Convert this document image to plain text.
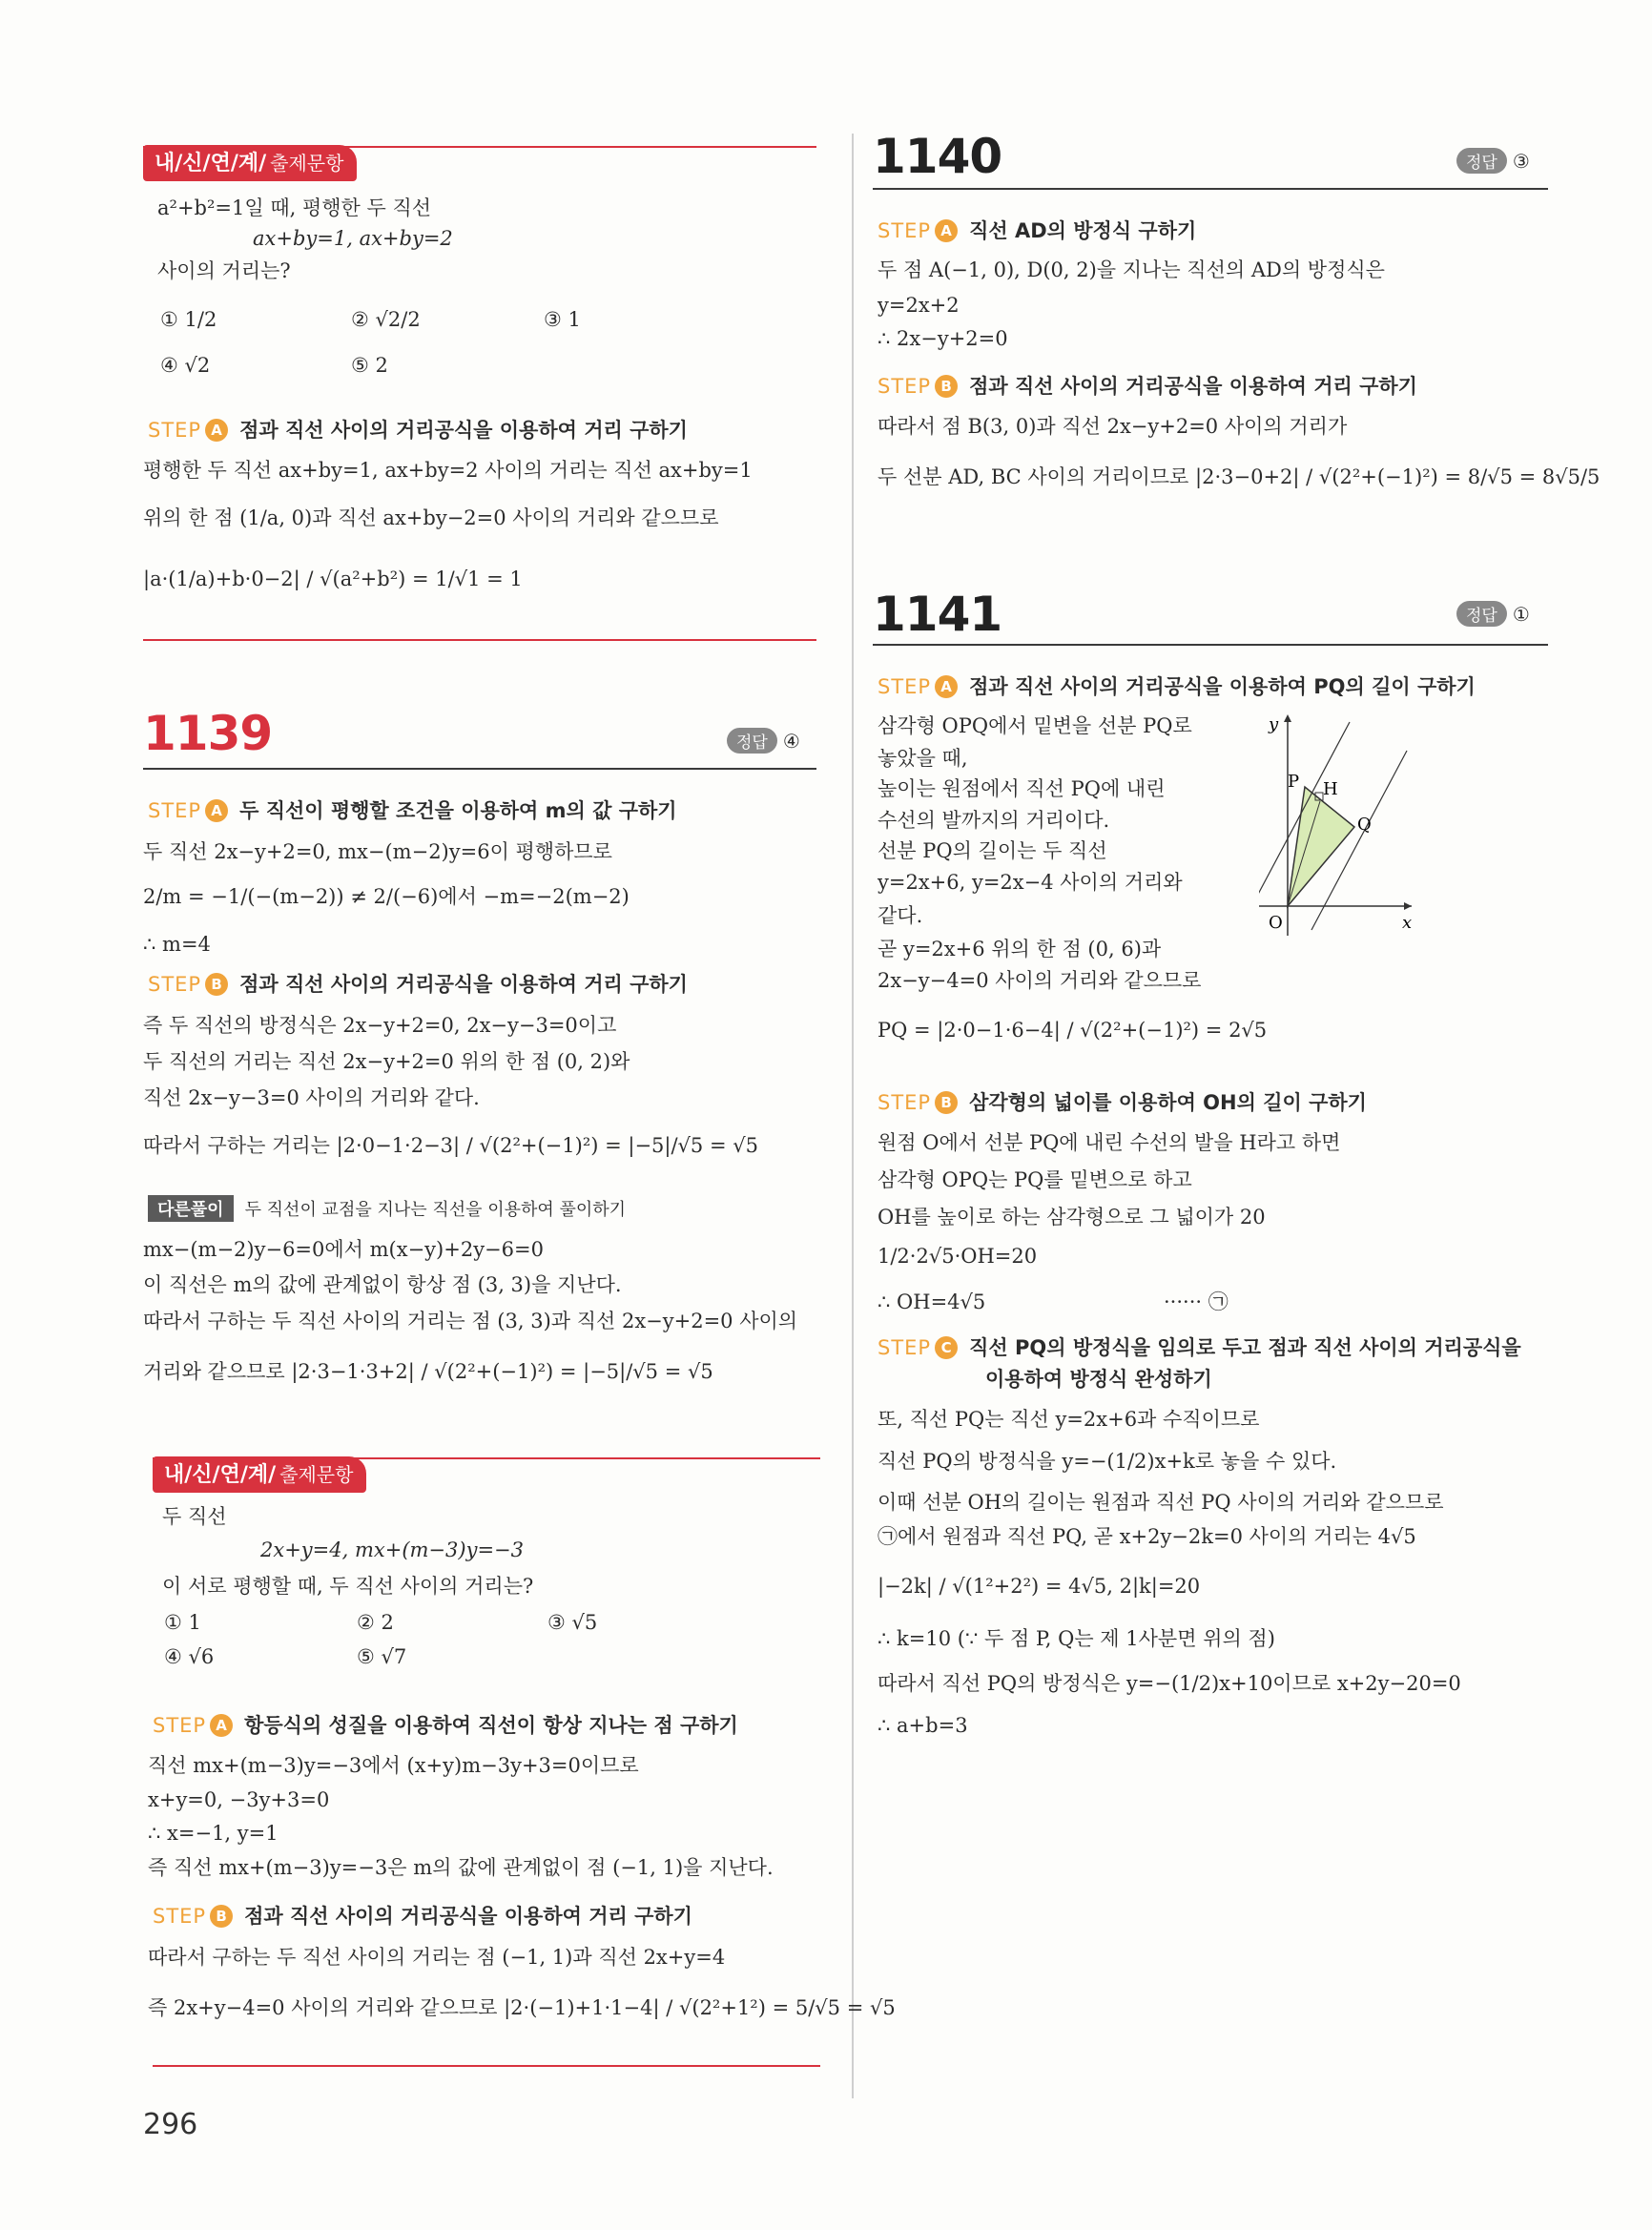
내/신/연/계/ 출제문항
a²+b²=1일 때, 평행한 두 직선
ax+by=1, ax+by=2
사이의 거리는?
① 1/2	② √2/2	③ 1
④ √2	⑤ 2
STEP A 점과 직선 사이의 거리공식을 이용하여 거리 구하기
평행한 두 직선 ax+by=1, ax+by=2 사이의 거리는 직선 ax+by=1
위의 한 점 (1/a, 0)과 직선 ax+by−2=0 사이의 거리와 같으므로
|a·(1/a)+b·0−2| / √(a²+b²) = 1/√1 = 1
1139	정답 ④
STEP A 두 직선이 평행할 조건을 이용하여 m의 값 구하기
두 직선 2x−y+2=0, mx−(m−2)y=6이 평행하므로
2/m = −1/(−(m−2)) ≠ 2/(−6)에서 −m=−2(m−2)
∴ m=4
STEP B 점과 직선 사이의 거리공식을 이용하여 거리 구하기
즉 두 직선의 방정식은 2x−y+2=0, 2x−y−3=0이고
두 직선의 거리는 직선 2x−y+2=0 위의 한 점 (0, 2)와
직선 2x−y−3=0 사이의 거리와 같다.
따라서 구하는 거리는 |2·0−1·2−3| / √(2²+(−1)²) = |−5|/√5 = √5
다른풀이 두 직선이 교점을 지나는 직선을 이용하여 풀이하기
mx−(m−2)y−6=0에서 m(x−y)+2y−6=0
이 직선은 m의 값에 관계없이 항상 점 (3, 3)을 지난다.
따라서 구하는 두 직선 사이의 거리는 점 (3, 3)과 직선 2x−y+2=0 사이의
거리와 같으므로 |2·3−1·3+2| / √(2²+(−1)²) = |−5|/√5 = √5
내/신/연/계/ 출제문항
두 직선
2x+y=4, mx+(m−3)y=−3
이 서로 평행할 때, 두 직선 사이의 거리는?
① 1	② 2	③ √5
④ √6	⑤ √7
STEP A 항등식의 성질을 이용하여 직선이 항상 지나는 점 구하기
직선 mx+(m−3)y=−3에서 (x+y)m−3y+3=0이므로
x+y=0, −3y+3=0
∴ x=−1, y=1
즉 직선 mx+(m−3)y=−3은 m의 값에 관계없이 점 (−1, 1)을 지난다.
STEP B 점과 직선 사이의 거리공식을 이용하여 거리 구하기
따라서 구하는 두 직선 사이의 거리는 점 (−1, 1)과 직선 2x+y=4
즉 2x+y−4=0 사이의 거리와 같으므로 |2·(−1)+1·1−4| / √(2²+1²) = 5/√5 = √5
1140	정답 ③
STEP A 직선 AD의 방정식 구하기
두 점 A(−1, 0), D(0, 2)을 지나는 직선의 AD의 방정식은
y=2x+2
∴ 2x−y+2=0
STEP B 점과 직선 사이의 거리공식을 이용하여 거리 구하기
따라서 점 B(3, 0)과 직선 2x−y+2=0 사이의 거리가
두 선분 AD, BC 사이의 거리이므로 |2·3−0+2| / √(2²+(−1)²) = 8/√5 = 8√5/5
1141	정답 ①
STEP A 점과 직선 사이의 거리공식을 이용하여 PQ의 길이 구하기
삼각형 OPQ에서 밑변을 선분 PQ로
놓았을 때,
높이는 원점에서 직선 PQ에 내린
수선의 발까지의 거리이다.
선분 PQ의 길이는 두 직선
y=2x+6, y=2x−4 사이의 거리와
같다.
곧 y=2x+6 위의 한 점 (0, 6)과
2x−y−4=0 사이의 거리와 같으므로
PQ = |2·0−1·6−4| / √(2²+(−1)²) = 2√5
y
x
O
P H
Q
STEP B 삼각형의 넓이를 이용하여 OH의 길이 구하기
원점 O에서 선분 PQ에 내린 수선의 발을 H라고 하면
삼각형 OPQ는 PQ를 밑변으로 하고
OH를 높이로 하는 삼각형으로 그 넓이가 20
1/2·2√5·OH=20
∴ OH=4√5	······ ㉠
STEP C 직선 PQ의 방정식을 임의로 두고 점과 직선 사이의 거리공식을
이용하여 방정식 완성하기
또, 직선 PQ는 직선 y=2x+6과 수직이므로
직선 PQ의 방정식을 y=−(1/2)x+k로 놓을 수 있다.
이때 선분 OH의 길이는 원점과 직선 PQ 사이의 거리와 같으므로
㉠에서 원점과 직선 PQ, 곧 x+2y−2k=0 사이의 거리는 4√5
|−2k| / √(1²+2²) = 4√5, 2|k|=20
∴ k=10 (∵ 두 점 P, Q는 제 1사분면 위의 점)
따라서 직선 PQ의 방정식은 y=−(1/2)x+10이므로 x+2y−20=0
∴ a+b=3
296
